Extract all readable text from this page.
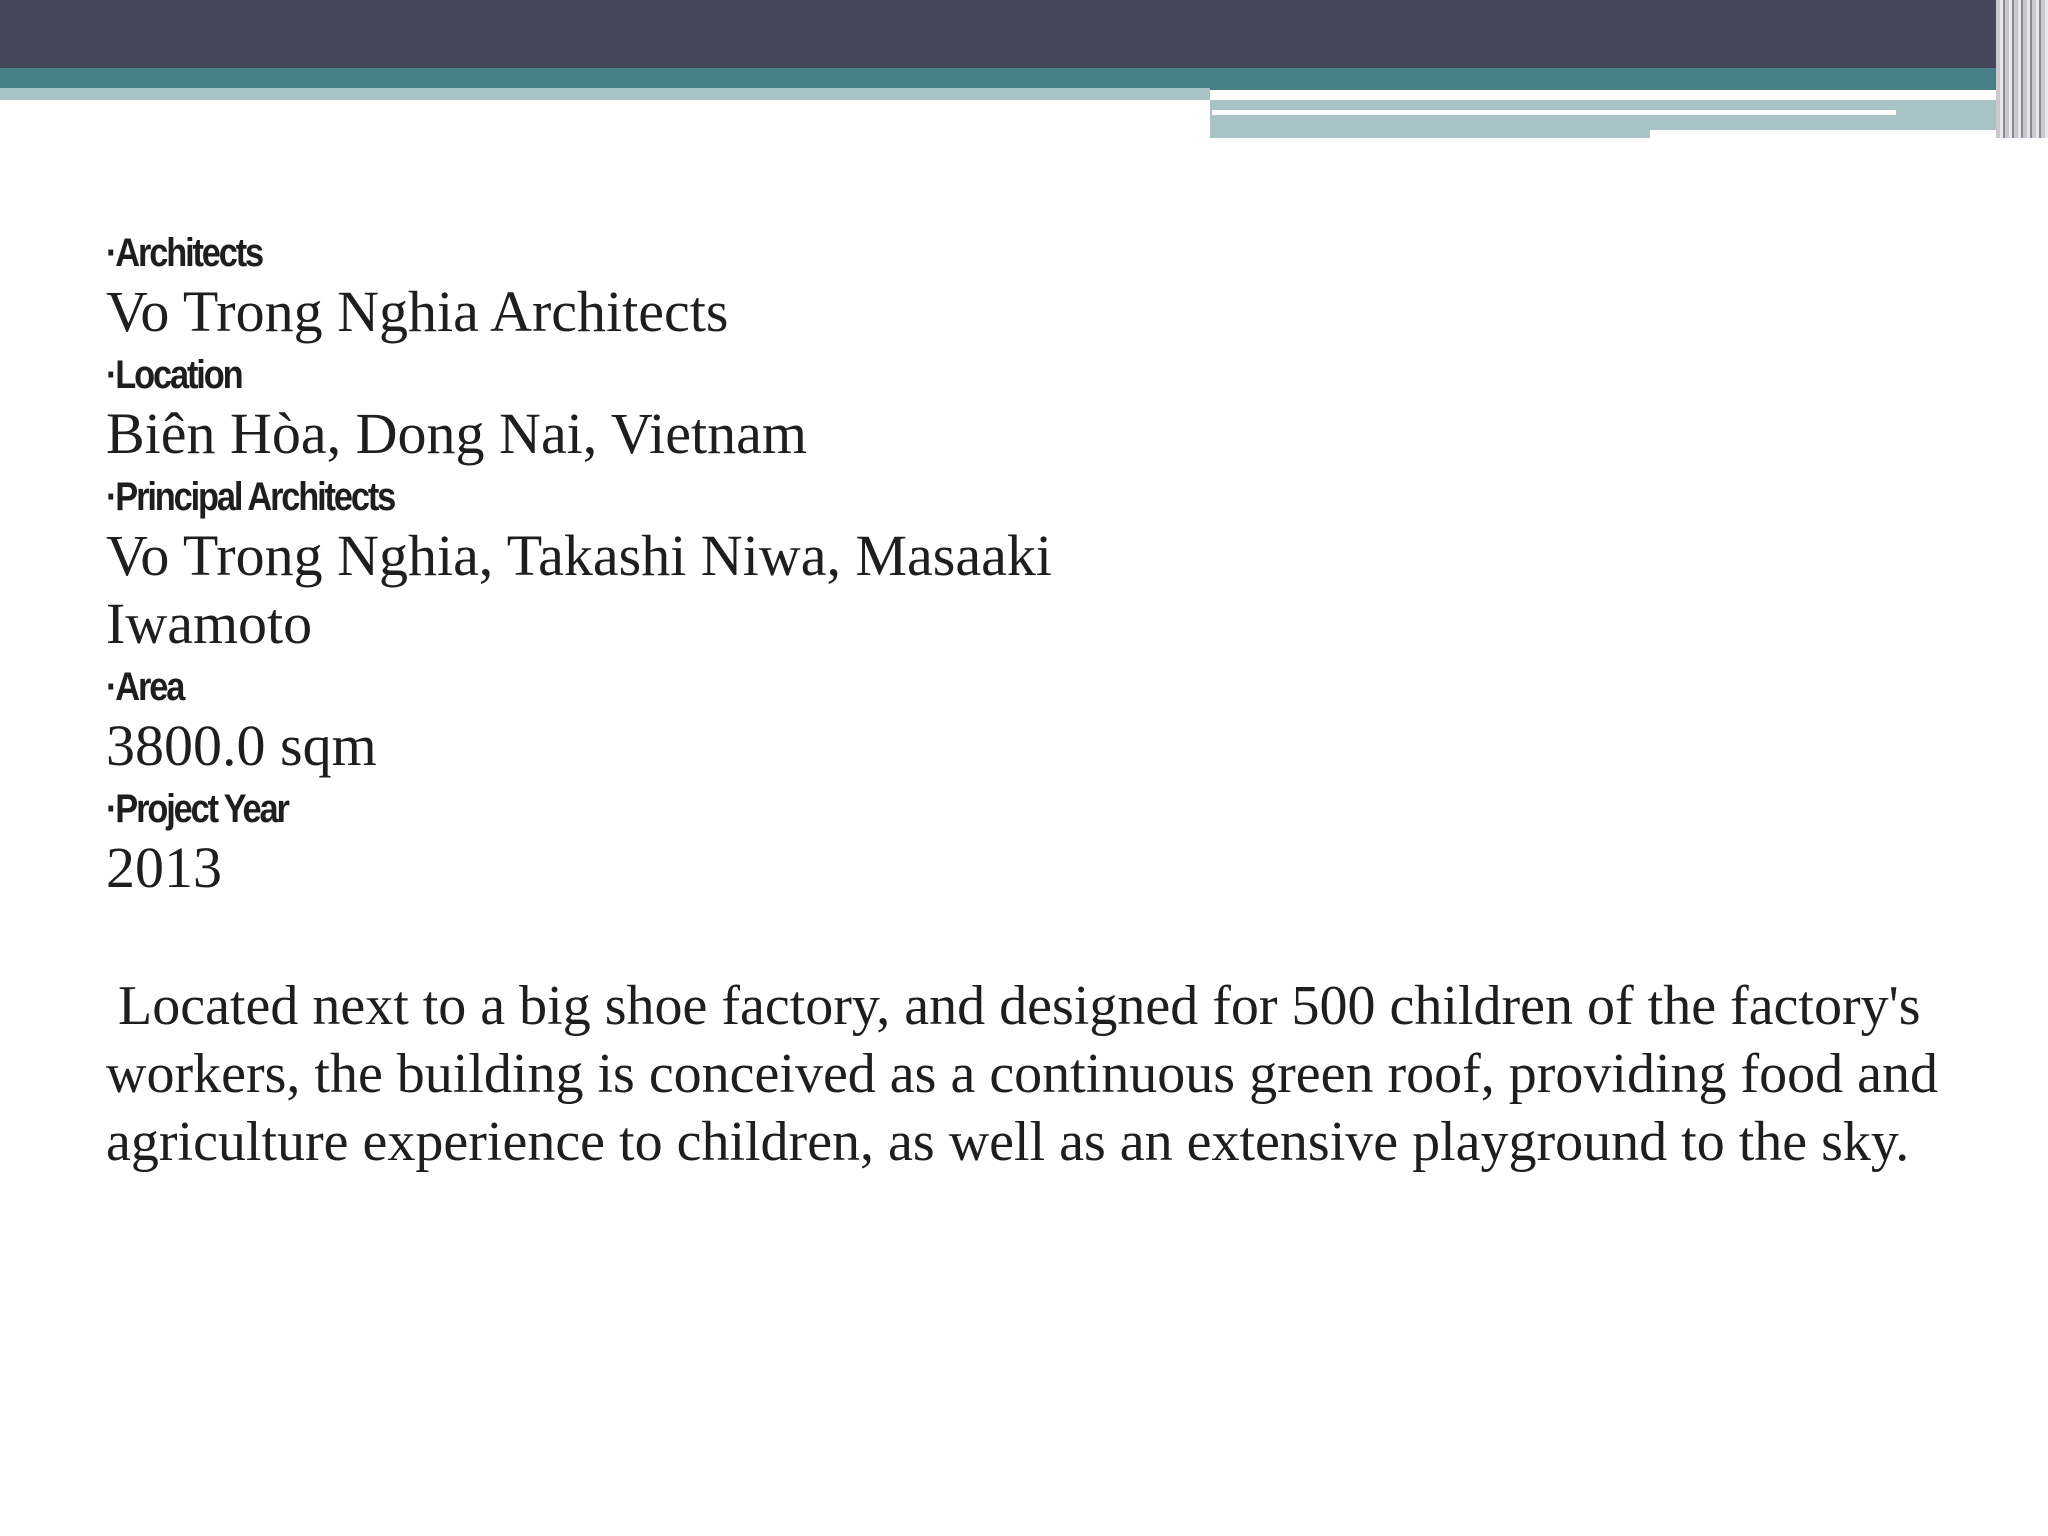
·Architects

Vo Trong Nghia Architects

·Location

Biên Hòa, Dong Nai, Vietnam

·Principal Architects

Vo Trong Nghia, Takashi Niwa, Masaaki Iwamoto

·Area

3800.0 sqm

·Project Year

2013

Located next to a big shoe factory, and designed for 500 children of the factory's workers, the building is conceived as a continuous green roof, providing food and agriculture experience to children, as well as an extensive playground to the sky.
